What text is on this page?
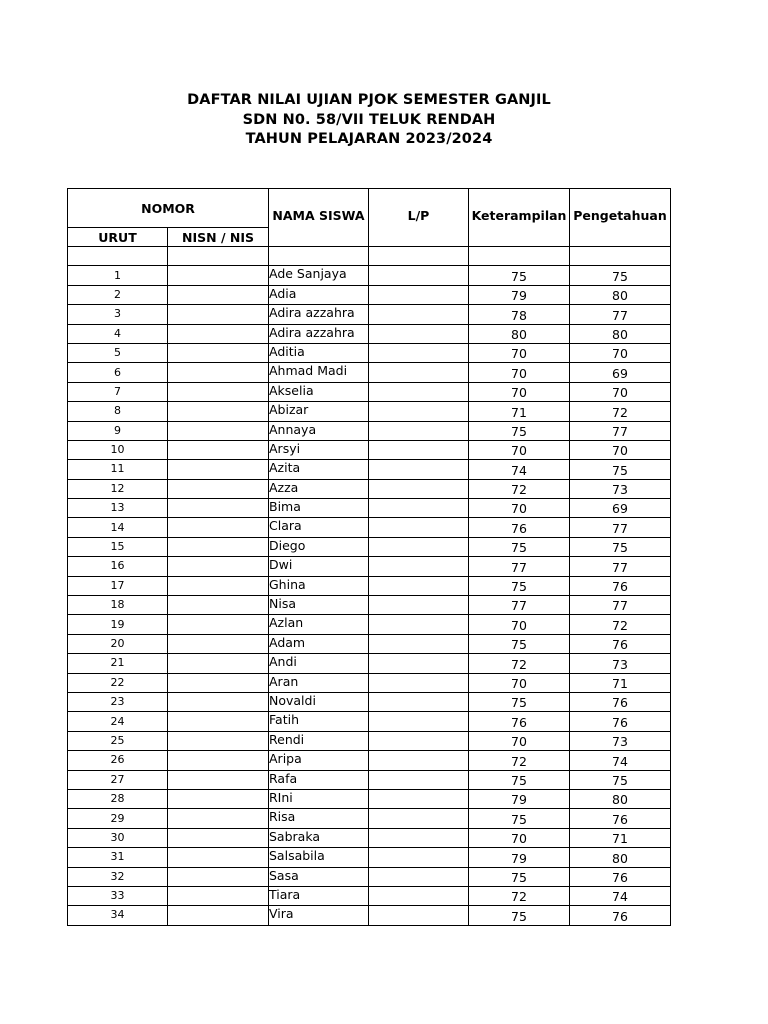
DAFTAR NILAI UJIAN PJOK SEMESTER GANJIL
SDN N0. 58/VII TELUK RENDAH
TAHUN PELAJARAN 2023/2024
NOMOR		NAMA SISWA	L/P	Keterampilan	Pengetahuan
URUT	NISN / NIS				

1		Ade Sanjaya		75	75
2		Adia		79	80
3		Adira azzahra		78	77
4		Adira azzahra		80	80
5		Aditia		70	70
6		Ahmad Madi		70	69
7		Akselia		70	70
8		Abizar		71	72
9		Annaya		75	77
10		Arsyi		70	70
11		Azita		74	75
12		Azza		72	73
13		Bima		70	69
14		Clara		76	77
15		Diego		75	75
16		Dwi		77	77
17		Ghina		75	76
18		Nisa		77	77
19		Azlan		70	72
20		Adam		75	76
21		Andi		72	73
22		Aran		70	71
23		Novaldi		75	76
24		Fatih		76	76
25		Rendi		70	73
26		Aripa		72	74
27		Rafa		75	75
28		RIni		79	80
29		Risa		75	76
30		Sabraka		70	71
31		Salsabila		79	80
32		Sasa		75	76
33		Tiara		72	74
34		Vira		75	76
